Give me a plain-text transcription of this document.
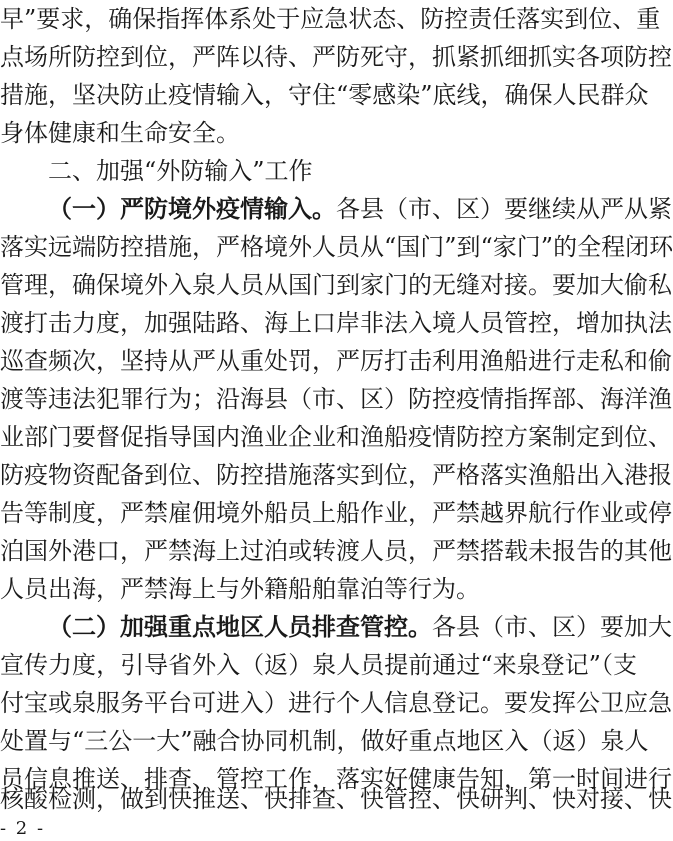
早”要求，确保指挥体系处于应急状态、防控责任落实到位、重
点场所防控到位，严阵以待、严防死守，抓紧抓细抓实各项防控
措施，坚决防止疫情输入，守住“零感染”底线，确保人民群众
身体健康和生命安全。
二、加强“外防输入”工作
（一）严防境外疫情输入。各县（市、区）要继续从严从紧
落实远端防控措施，严格境外人员从“国门”到“家门”的全程闭环
管理，确保境外入泉人员从国门到家门的无缝对接。要加大偷私
渡打击力度，加强陆路、海上口岸非法入境人员管控，增加执法
巡查频次，坚持从严从重处罚，严厉打击利用渔船进行走私和偷
渡等违法犯罪行为；沿海县（市、区）防控疫情指挥部、海洋渔
业部门要督促指导国内渔业企业和渔船疫情防控方案制定到位、
防疫物资配备到位、防控措施落实到位，严格落实渔船出入港报
告等制度，严禁雇佣境外船员上船作业，严禁越界航行作业或停
泊国外港口，严禁海上过泊或转渡人员，严禁搭载未报告的其他
人员出海，严禁海上与外籍船舶靠泊等行为。
（二）加强重点地区人员排查管控。各县（市、区）要加大
宣传力度，引导省外入（返）泉人员提前通过“来泉登记”（支
付宝或泉服务平台可进入）进行个人信息登记。要发挥公卫应急
处置与“三公一大”融合协同机制，做好重点地区入（返）泉人
员信息推送、排查、管控工作，落实好健康告知，第一时间进行
核酸检测，做到快推送、快排查、快管控、快研判、快对接、快
- 2 -
